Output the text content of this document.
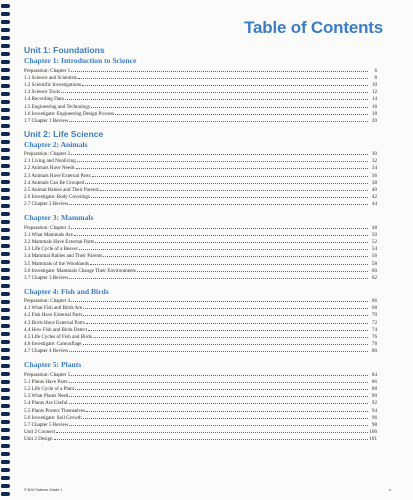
Table of Contents
Unit 1: Foundations
Chapter 1: Introduction to Science
Preparation: Chapter 1	6
1.1 Science and Scientists	8
1.2 Scientific Investigations	10
1.3 Science Tools	12
1.4 Recording Data	14
1.5 Engineering and Technology	16
1.6 Investigate: Engineering Design Process	18
1.7 Chapter 1 Review	20
Unit 2: Life Science
Chapter 2: Animals
Preparation: Chapter 2	30
2.1 Living and Nonliving	32
2.2 Animals Have Needs	34
2.3 Animals Have External Parts	36
2.4 Animals Can Be Grouped	38
2.5 Animal Babies and Their Parents	40
2.6 Investigate: Body Coverings	42
2.7 Chapter 2 Review	44
Chapter 3: Mammals
Preparation: Chapter 3	48
3.1 What Mammals Are	50
3.2 Mammals Have External Parts	52
3.3 Life Cycle of a Beaver	54
3.4 Mammal Babies and Their Parents	56
3.5 Mammals of the Woodlands	58
3.6 Investigate: Mammals Change Their Environments	60
3.7 Chapter 3 Review	62
Chapter 4: Fish and Birds
Preparation: Chapter 4	66
4.1 What Fish and Birds Are	68
4.2 Fish Have External Parts	70
4.3 Birds Have External Parts	72
4.4 How Fish and Birds Detect	74
4.5 Life Cycles of Fish and Birds	76
4.6 Investigate: Camouflage	78
4.7 Chapter 4 Review	80
Chapter 5: Plants
Preparation: Chapter 5	84
5.1 Plants Have Parts	86
5.2 Life Cycle of a Plant	88
5.3 What Plants Need	90
5.4 Plants Are Useful	92
5.5 Plants Protect Themselves	94
5.6 Investigate: Soil Growth	96
5.7 Chapter 5 Review	98
Unit 2 Connect	100
Unit 2 Design	101
© BJU Science Grade 1	v
